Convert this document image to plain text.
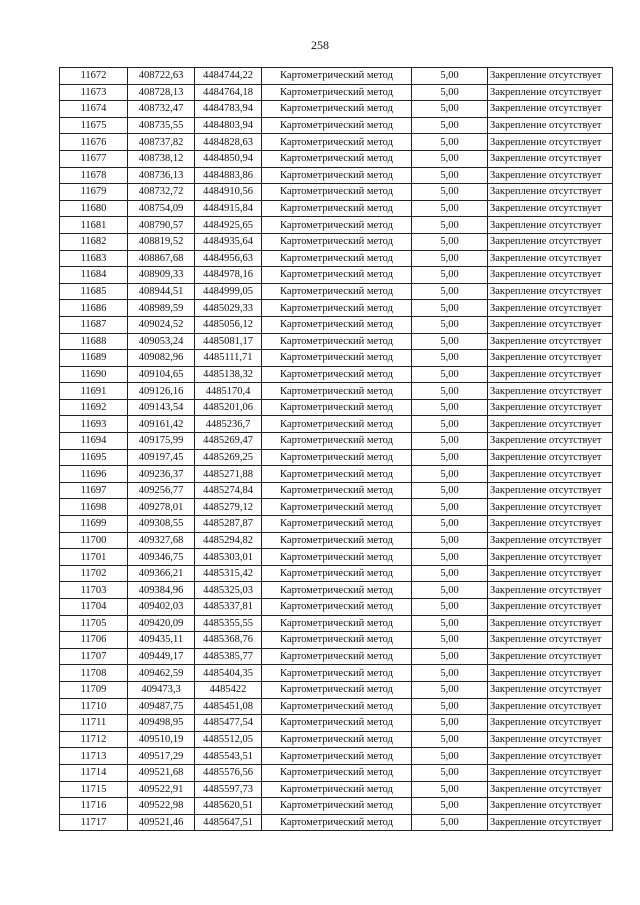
258
11672	408722,63	4484744,22	Картометрический метод	5,00	Закрепление отсутствует
11673	408728,13	4484764,18	Картометрический метод	5,00	Закрепление отсутствует
11674	408732,47	4484783,94	Картометрический метод	5,00	Закрепление отсутствует
11675	408735,55	4484803,94	Картометрический метод	5,00	Закрепление отсутствует
11676	408737,82	4484828,63	Картометрический метод	5,00	Закрепление отсутствует
11677	408738,12	4484850,94	Картометрический метод	5,00	Закрепление отсутствует
11678	408736,13	4484883,86	Картометрический метод	5,00	Закрепление отсутствует
11679	408732,72	4484910,56	Картометрический метод	5,00	Закрепление отсутствует
11680	408754,09	4484915,84	Картометрический метод	5,00	Закрепление отсутствует
11681	408790,57	4484925,65	Картометрический метод	5,00	Закрепление отсутствует
11682	408819,52	4484935,64	Картометрический метод	5,00	Закрепление отсутствует
11683	408867,68	4484956,63	Картометрический метод	5,00	Закрепление отсутствует
11684	408909,33	4484978,16	Картометрический метод	5,00	Закрепление отсутствует
11685	408944,51	4484999,05	Картометрический метод	5,00	Закрепление отсутствует
11686	408989,59	4485029,33	Картометрический метод	5,00	Закрепление отсутствует
11687	409024,52	4485056,12	Картометрический метод	5,00	Закрепление отсутствует
11688	409053,24	4485081,17	Картометрический метод	5,00	Закрепление отсутствует
11689	409082,96	4485111,71	Картометрический метод	5,00	Закрепление отсутствует
11690	409104,65	4485138,32	Картометрический метод	5,00	Закрепление отсутствует
11691	409126,16	4485170,4	Картометрический метод	5,00	Закрепление отсутствует
11692	409143,54	4485201,06	Картометрический метод	5,00	Закрепление отсутствует
11693	409161,42	4485236,7	Картометрический метод	5,00	Закрепление отсутствует
11694	409175,99	4485269,47	Картометрический метод	5,00	Закрепление отсутствует
11695	409197,45	4485269,25	Картометрический метод	5,00	Закрепление отсутствует
11696	409236,37	4485271,88	Картометрический метод	5,00	Закрепление отсутствует
11697	409256,77	4485274,84	Картометрический метод	5,00	Закрепление отсутствует
11698	409278,01	4485279,12	Картометрический метод	5,00	Закрепление отсутствует
11699	409308,55	4485287,87	Картометрический метод	5,00	Закрепление отсутствует
11700	409327,68	4485294,82	Картометрический метод	5,00	Закрепление отсутствует
11701	409346,75	4485303,01	Картометрический метод	5,00	Закрепление отсутствует
11702	409366,21	4485315,42	Картометрический метод	5,00	Закрепление отсутствует
11703	409384,96	4485325,03	Картометрический метод	5,00	Закрепление отсутствует
11704	409402,03	4485337,81	Картометрический метод	5,00	Закрепление отсутствует
11705	409420,09	4485355,55	Картометрический метод	5,00	Закрепление отсутствует
11706	409435,11	4485368,76	Картометрический метод	5,00	Закрепление отсутствует
11707	409449,17	4485385,77	Картометрический метод	5,00	Закрепление отсутствует
11708	409462,59	4485404,35	Картометрический метод	5,00	Закрепление отсутствует
11709	409473,3	4485422	Картометрический метод	5,00	Закрепление отсутствует
11710	409487,75	4485451,08	Картометрический метод	5,00	Закрепление отсутствует
11711	409498,95	4485477,54	Картометрический метод	5,00	Закрепление отсутствует
11712	409510,19	4485512,05	Картометрический метод	5,00	Закрепление отсутствует
11713	409517,29	4485543,51	Картометрический метод	5,00	Закрепление отсутствует
11714	409521,68	4485576,56	Картометрический метод	5,00	Закрепление отсутствует
11715	409522,91	4485597,73	Картометрический метод	5,00	Закрепление отсутствует
11716	409522,98	4485620,51	Картометрический метод	5,00	Закрепление отсутствует
11717	409521,46	4485647,51	Картометрический метод	5,00	Закрепление отсутствует
